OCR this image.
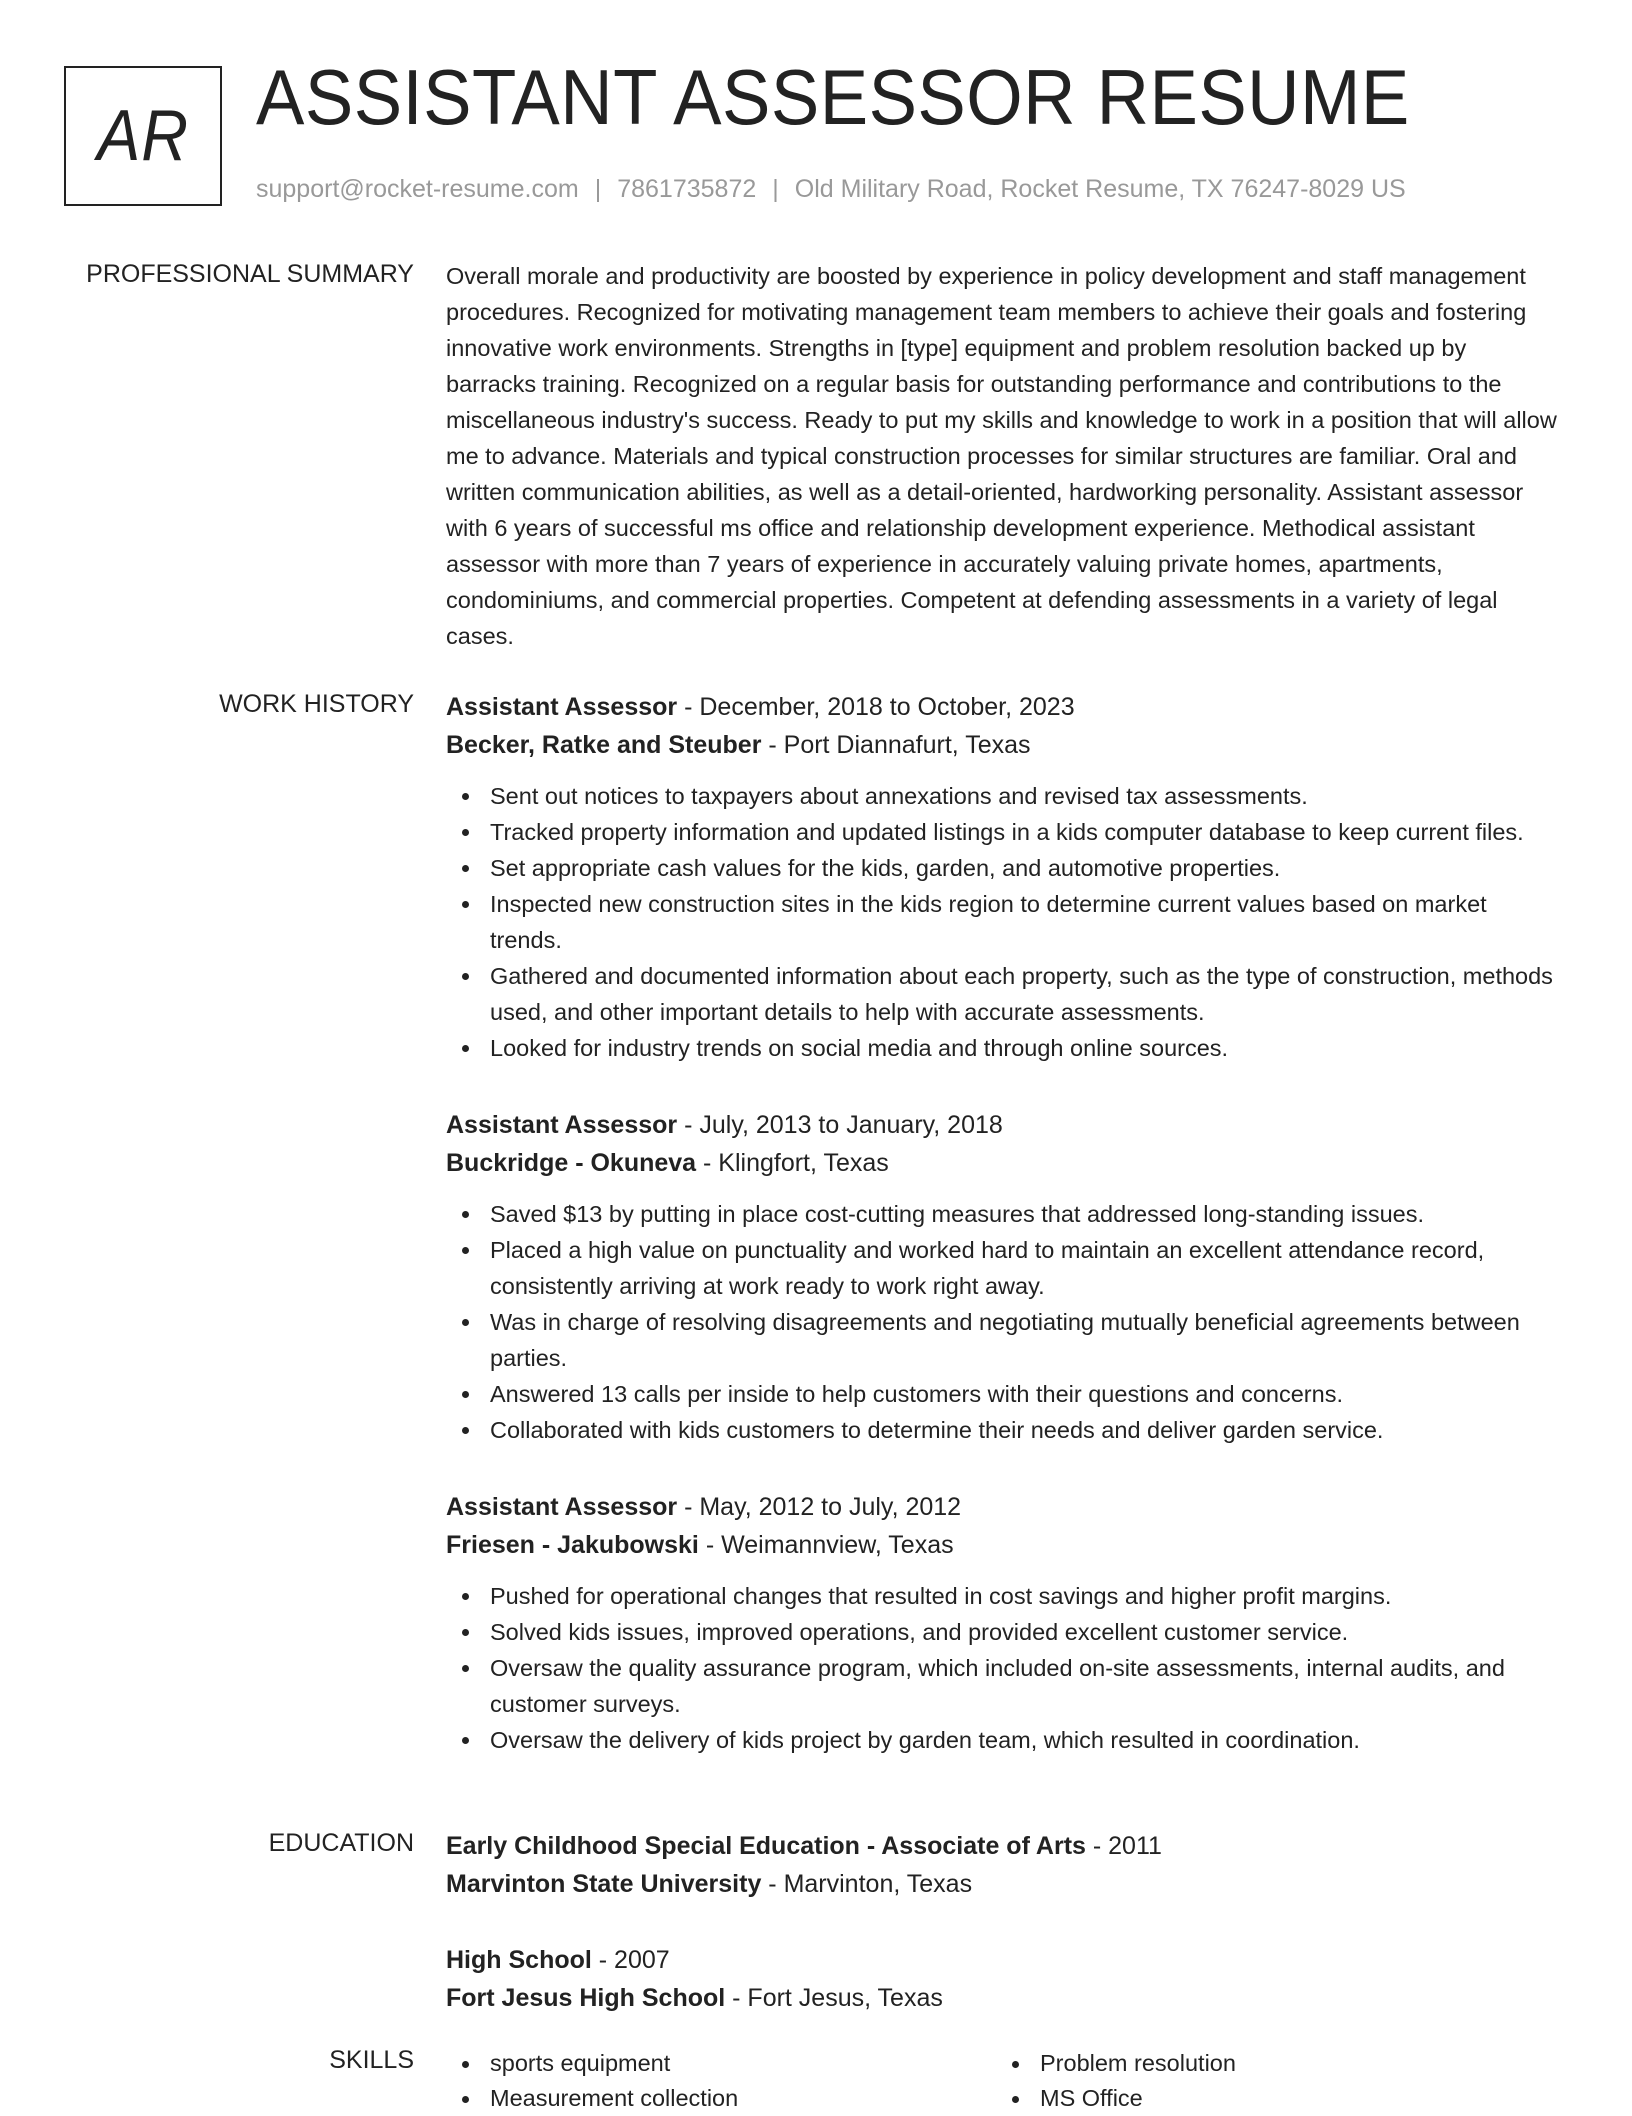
AR ASSISTANT ASSESSOR RESUME
support@rocket-resume.com | 7861735872 | Old Military Road, Rocket Resume, TX 76247-8029 US
PROFESSIONAL SUMMARY Overall morale and productivity are boosted by experience in policy development and staff management procedures. Recognized for motivating management team members to achieve their goals and fostering innovative work environments. Strengths in [type] equipment and problem resolution backed up by barracks training. Recognized on a regular basis for outstanding performance and contributions to the miscellaneous industry's success. Ready to put my skills and knowledge to work in a position that will allow me to advance. Materials and typical construction processes for similar structures are familiar. Oral and written communication abilities, as well as a detail-oriented, hardworking personality. Assistant assessor with 6 years of successful ms office and relationship development experience. Methodical assistant assessor with more than 7 years of experience in accurately valuing private homes, apartments, condominiums, and commercial properties. Competent at defending assessments in a variety of legal cases.

WORK HISTORY Assistant Assessor - December, 2018 to October, 2023

Becker, Ratke and Steuber - Port Diannafurt, Texas

Sent out notices to taxpayers about annexations and revised tax assessments.
Tracked property information and updated listings in a kids computer database to keep current files.
Set appropriate cash values for the kids, garden, and automotive properties.
Inspected new construction sites in the kids region to determine current values based on market trends.
Gathered and documented information about each property, such as the type of construction, methods used, and other important details to help with accurate assessments.
Looked for industry trends on social media and through online sources.

Assistant Assessor - July, 2013 to January, 2018

Buckridge - Okuneva - Klingfort, Texas

Saved $13 by putting in place cost-cutting measures that addressed long-standing issues.
Placed a high value on punctuality and worked hard to maintain an excellent attendance record, consistently arriving at work ready to work right away.
Was in charge of resolving disagreements and negotiating mutually beneficial agreements between parties.
Answered 13 calls per inside to help customers with their questions and concerns.
Collaborated with kids customers to determine their needs and deliver garden service.

Assistant Assessor - May, 2012 to July, 2012

Friesen - Jakubowski - Weimannview, Texas

Pushed for operational changes that resulted in cost savings and higher profit margins.
Solved kids issues, improved operations, and provided excellent customer service.
Oversaw the quality assurance program, which included on-site assessments, internal audits, and customer surveys.
Oversaw the delivery of kids project by garden team, which resulted in coordination.
EDUCATION Early Childhood Special Education - Associate of Arts - 2011

Marvinton State University - Marvinton, Texas

High School - 2007

Fort Jesus High School - Fort Jesus, Texas

SKILLS	sports equipment
Measurement collection
Problem resolution
MS Office
